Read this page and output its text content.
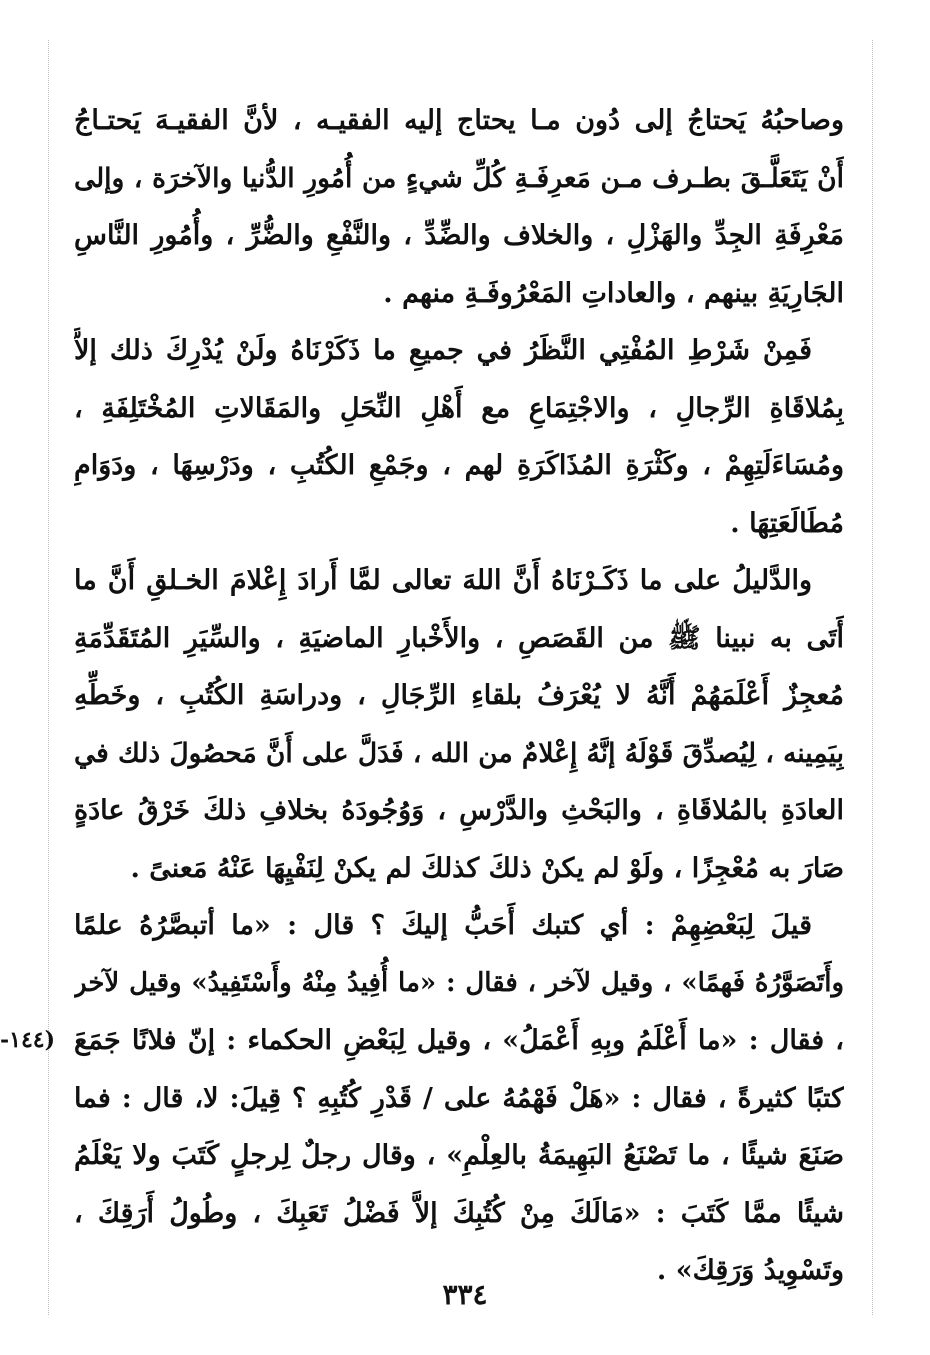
وصاحبُهُ يَحتاجُ إلى دُون مـا يحتاج إليه الفقيـه ، لأنَّ الفقيـهَ يَحتـاجُ
أَنْ يَتَعَلَّـقَ بطـرف مـن مَعرِفَـةِ كُلِّ شيءٍ من أُمُورِ الدُّنيا والآخرَة ، وإلى
مَعْرِفَةِ الجِدِّ والهَزْلِ ، والخلاف والضِّدِّ ، والنَّفْعِ والضُّرِّ ، وأُمُورِ النَّاسِ
الجَارِيَةِ بينهم ، والعاداتِ المَعْرُوفَـةِ منهم .
فَمِنْ شَرْطِ المُفْتِي النَّظَرُ في جميعِ ما ذَكَرْنَاهُ ولَنْ يُدْرِكَ ذلك إلاَّ
بِمُلاقَاةِ الرِّجالِ ، والاجْتِمَاعِ مع أَهْلِ النِّحَلِ والمَقَالاتِ المُخْتَلِفَةِ ،
ومُسَاءَلَتِهِمْ ، وكَثْرَةِ المُذَاكَرَةِ لهم ، وجَمْعِ الكُتُبِ ، ودَرْسِهَا ، ودَوَامِ
مُطَالَعَتِهَا .
والدَّليلُ على ما ذَكَـرْنَاهُ أَنَّ اللهَ تعالى لمَّا أَرادَ إِعْلامَ الخـلقِ أَنَّ ما
أَتَى به نبينا ﷺ من القَصَصِ ، والأَخْبارِ الماضيَةِ ، والسِّيَرِ المُتَقَدِّمَةِ
مُعجِزٌ أَعْلَمَهُمْ أَنَّهُ لا يُعْرَفُ بلقاءِ الرِّجَالِ ، ودراسَةِ الكُتُبِ ، وخَطِّهِ
بِيَمِينه ، لِيُصدِّقَ قَوْلَهُ إنَّهُ إِعْلامٌ من الله ، فَدَلَّ على أَنَّ مَحصُولَ ذلك في
العادَةِ بالمُلاقَاةِ ، والبَحْثِ والدَّرْسِ ، وَوُجُودَهُ بخلافِ ذلكَ خَرْقُ عادَةٍ
صَارَ به مُعْجِزًا ، ولَوْ لم يكنْ ذلكَ كذلكَ لم يكنْ لِنَفْيِهَا عَنْهُ مَعنىً .
قيلَ لِبَعْضِهِمْ : أي كتبك أَحَبُّ إليكَ ؟ قال : «ما أتبصَّرُهُ علمًا
وأَتَصَوَّرُهُ فَهمًا» ، وقيل لآخر ، فقال : «ما أُفِيدُ مِنْهُ وأَسْتَفِيدُ» وقيل لآخر
، فقال : «ما أَعْلَمُ وبِهِ أَعْمَلُ» ، وقيل لِبَعْضِ الحكماء : إنّ فلانًا جَمَعَ
كتبًا كثيرةً ، فقال : «هَلْ فَهْمُهُ على / قَدْرِ كُتُبِهِ ؟ قِيلَ: لا، قال : فما
صَنَعَ شيئًا ، ما تَصْنَعُ البَهِيمَةُ بالعِلْمِ» ، وقال رجلٌ لِرجلٍ كَتَبَ ولا يَعْلَمُ
شيئًا ممَّا كَتَبَ : «مَالَكَ مِنْ كُتُبِكَ إلاَّ فَضْلُ تَعَبِكَ ، وطُولُ أَرَقِكَ ،
وتَسْوِيدُ وَرَقِكَ» .
(١٤٤-
٣٣٤
